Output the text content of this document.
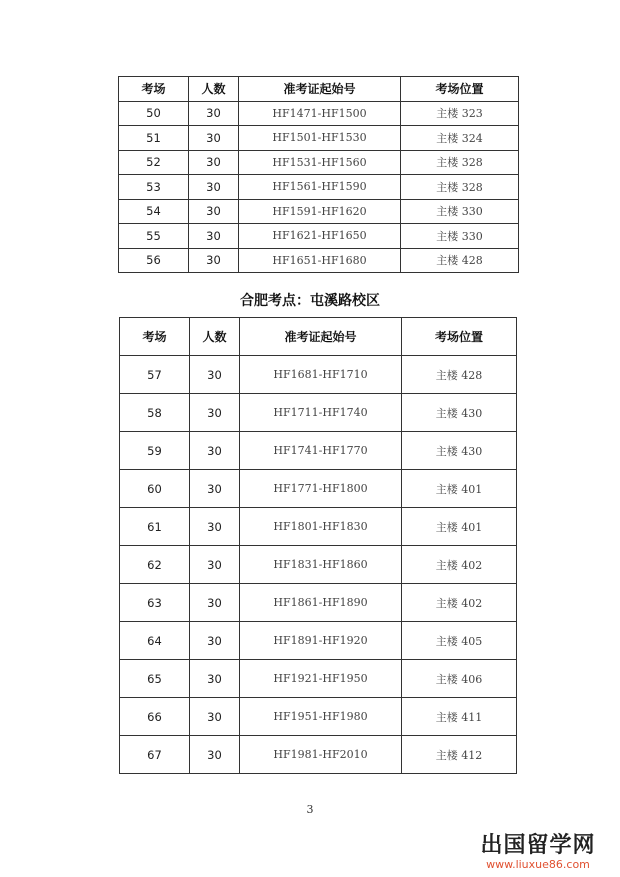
考场	人数	准考证起始号	考场位置
50	30	HF1471-HF1500	主楼 323
51	30	HF1501-HF1530	主楼 324
52	30	HF1531-HF1560	主楼 328
53	30	HF1561-HF1590	主楼 328
54	30	HF1591-HF1620	主楼 330
55	30	HF1621-HF1650	主楼 330
56	30	HF1651-HF1680	主楼 428
合肥考点：屯溪路校区
考场	人数	准考证起始号	考场位置
57	30	HF1681-HF1710	主楼 428
58	30	HF1711-HF1740	主楼 430
59	30	HF1741-HF1770	主楼 430
60	30	HF1771-HF1800	主楼 401
61	30	HF1801-HF1830	主楼 401
62	30	HF1831-HF1860	主楼 402
63	30	HF1861-HF1890	主楼 402
64	30	HF1891-HF1920	主楼 405
65	30	HF1921-HF1950	主楼 406
66	30	HF1951-HF1980	主楼 411
67	30	HF1981-HF2010	主楼 412
3
出国留学网
www.liuxue86.com
